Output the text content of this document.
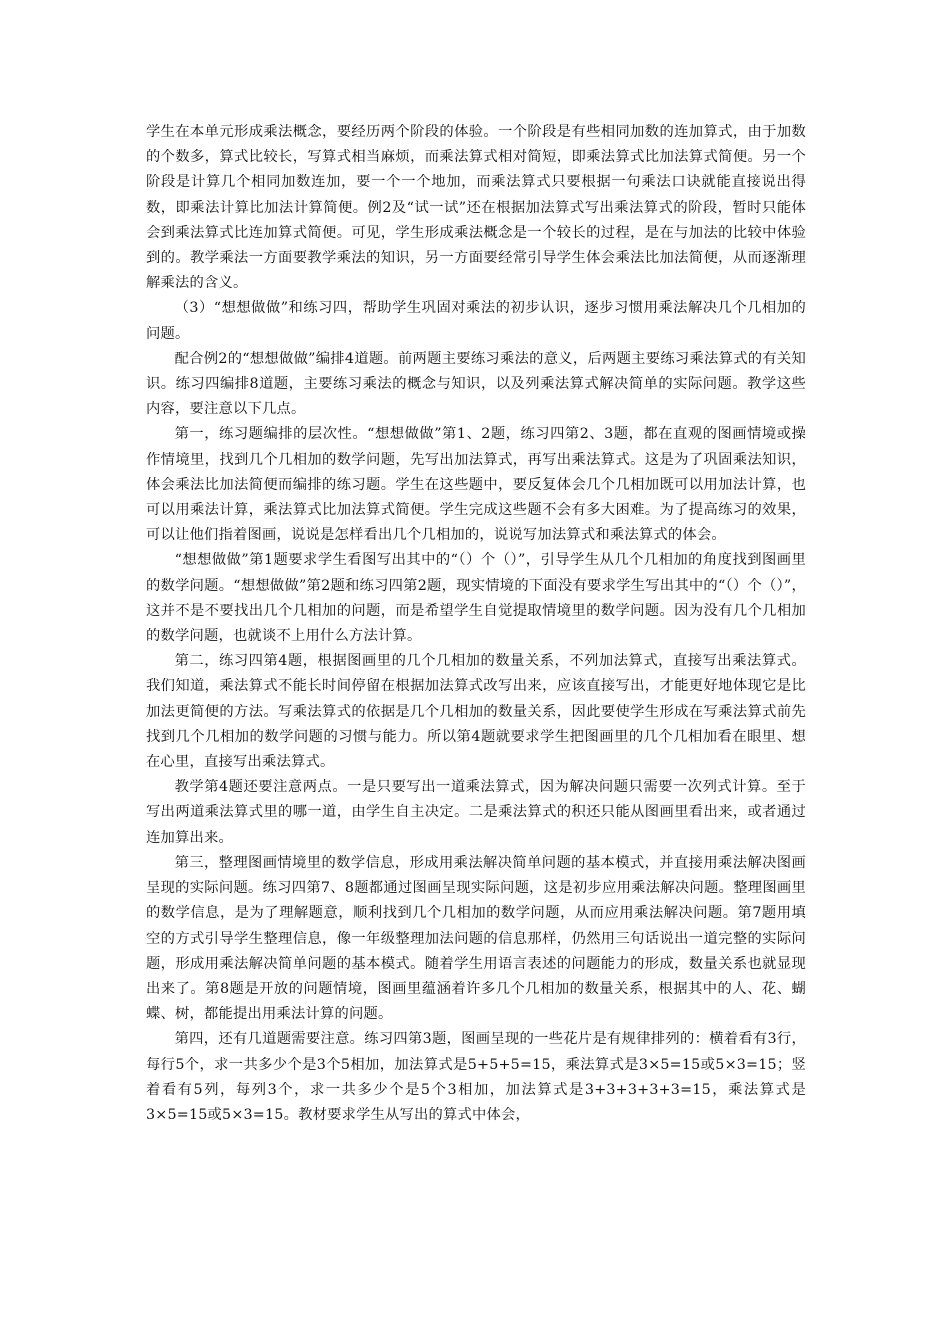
学生在本单元形成乘法概念，要经历两个阶段的体验。一个阶段是有些相同加数的连加算式，由于加数的个数多，算式比较长，写算式相当麻烦，而乘法算式相对简短，即乘法算式比加法算式简便。另一个阶段是计算几个相同加数连加，要一个一个地加，而乘法算式只要根据一句乘法口诀就能直接说出得数，即乘法计算比加法计算简便。例2及“试一试”还在根据加法算式写出乘法算式的阶段，暂时只能体会到乘法算式比连加算式简便。可见，学生形成乘法概念是一个较长的过程，是在与加法的比较中体验到的。教学乘法一方面要教学乘法的知识，另一方面要经常引导学生体会乘法比加法简便，从而逐渐理解乘法的含义。

（3）“想想做做”和练习四，帮助学生巩固对乘法的初步认识，逐步习惯用乘法解决几个几相加的问题。

配合例2的“想想做做”编排4道题。前两题主要练习乘法的意义，后两题主要练习乘法算式的有关知识。练习四编排8道题，主要练习乘法的概念与知识，以及列乘法算式解决简单的实际问题。教学这些内容，要注意以下几点。

第一，练习题编排的层次性。“想想做做”第1、2题，练习四第2、3题，都在直观的图画情境或操作情境里，找到几个几相加的数学问题，先写出加法算式，再写出乘法算式。这是为了巩固乘法知识，体会乘法比加法简便而编排的练习题。学生在这些题中，要反复体会几个几相加既可以用加法计算，也可以用乘法计算，乘法算式比加法算式简便。学生完成这些题不会有多大困难。为了提高练习的效果，可以让他们指着图画，说说是怎样看出几个几相加的，说说写加法算式和乘法算式的体会。

“想想做做”第1题要求学生看图写出其中的“（）个（）”，引导学生从几个几相加的角度找到图画里的数学问题。“想想做做”第2题和练习四第2题，现实情境的下面没有要求学生写出其中的“（）个（）”，这并不是不要找出几个几相加的问题，而是希望学生自觉提取情境里的数学问题。因为没有几个几相加的数学问题，也就谈不上用什么方法计算。

第二，练习四第4题，根据图画里的几个几相加的数量关系，不列加法算式，直接写出乘法算式。我们知道，乘法算式不能长时间停留在根据加法算式改写出来，应该直接写出，才能更好地体现它是比加法更简便的方法。写乘法算式的依据是几个几相加的数量关系，因此要使学生形成在写乘法算式前先找到几个几相加的数学问题的习惯与能力。所以第4题就要求学生把图画里的几个几相加看在眼里、想在心里，直接写出乘法算式。

教学第4题还要注意两点。一是只要写出一道乘法算式，因为解决问题只需要一次列式计算。至于写出两道乘法算式里的哪一道，由学生自主决定。二是乘法算式的积还只能从图画里看出来，或者通过连加算出来。

第三，整理图画情境里的数学信息，形成用乘法解决简单问题的基本模式，并直接用乘法解决图画呈现的实际问题。练习四第7、8题都通过图画呈现实际问题，这是初步应用乘法解决问题。整理图画里的数学信息，是为了理解题意，顺利找到几个几相加的数学问题，从而应用乘法解决问题。第7题用填空的方式引导学生整理信息，像一年级整理加法问题的信息那样，仍然用三句话说出一道完整的实际问题，形成用乘法解决简单问题的基本模式。随着学生用语言表述的问题能力的形成，数量关系也就显现出来了。第8题是开放的问题情境，图画里蕴涵着许多几个几相加的数量关系，根据其中的人、花、蝴蝶、树，都能提出用乘法计算的问题。

第四，还有几道题需要注意。练习四第3题，图画呈现的一些花片是有规律排列的：横着看有3行，每行5个，求一共多少个是3个5相加，加法算式是5+5+5=15，乘法算式是3×5=15或5×3=15；竖着看有5列，每列3个，求一共多少个是5个3相加，加法算式是3+3+3+3+3=15，乘法算式是3×5=15或5×3=15。教材要求学生从写出的算式中体会，
